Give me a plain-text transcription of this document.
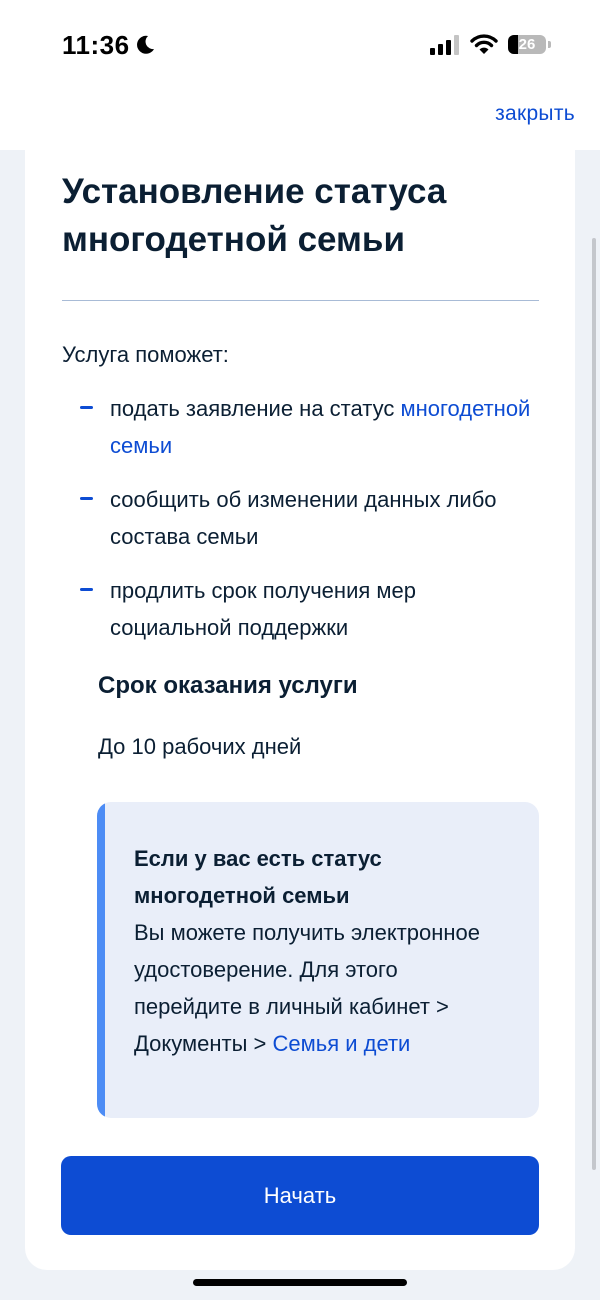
11:36	26
закрыть
Установление статуса многодетной семьи
Услуга поможет:
подать заявление на статус многодетной семьи
сообщить об изменении данных либо состава семьи
продлить срок получения мер социальной поддержки
Срок оказания услуги
До 10 рабочих дней
Если у вас есть статус многодетной семьи
Вы можете получить электронное удостоверение. Для этого перейдите в личный кабинет > Документы > Семья и дети
Начать
